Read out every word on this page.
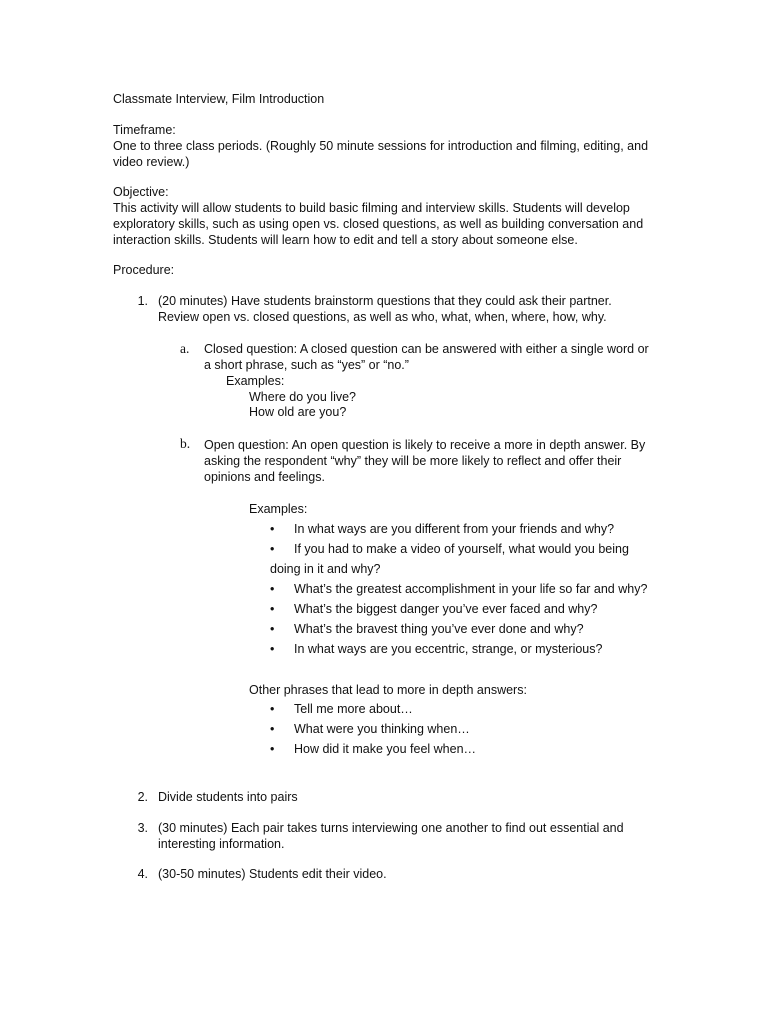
Classmate Interview, Film Introduction
Timeframe:
One to three class periods. (Roughly 50 minute sessions for introduction and filming, editing, and video review.)
Objective:
This activity will allow students to build basic filming and interview skills. Students will develop exploratory skills, such as using open vs. closed questions, as well as building conversation and interaction skills. Students will learn how to edit and tell a story about someone else.
Procedure:
1. (20 minutes) Have students brainstorm questions that they could ask their partner. Review open vs. closed questions, as well as who, what, when, where, how, why.
a. Closed question: A closed question can be answered with either a single word or a short phrase, such as “yes” or “no.”
Examples:
Where do you live?
How old are you?
b. Open question: An open question is likely to receive a more in depth answer. By asking the respondent “why” they will be more likely to reflect and offer their opinions and feelings.
Examples:
•	In what ways are you different from your friends and why?
•	If you had to make a video of yourself, what would you being
doing in it and why?
•	What’s the greatest accomplishment in your life so far and why?
•	What’s the biggest danger you’ve ever faced and why?
•	What’s the bravest thing you’ve ever done and why?
•	In what ways are you eccentric, strange, or mysterious?
Other phrases that lead to more in depth answers:
•	Tell me more about…
•	What were you thinking when…
•	How did it make you feel when…
2. Divide students into pairs
3. (30 minutes) Each pair takes turns interviewing one another to find out essential and interesting information.
4. (30-50 minutes) Students edit their video.
